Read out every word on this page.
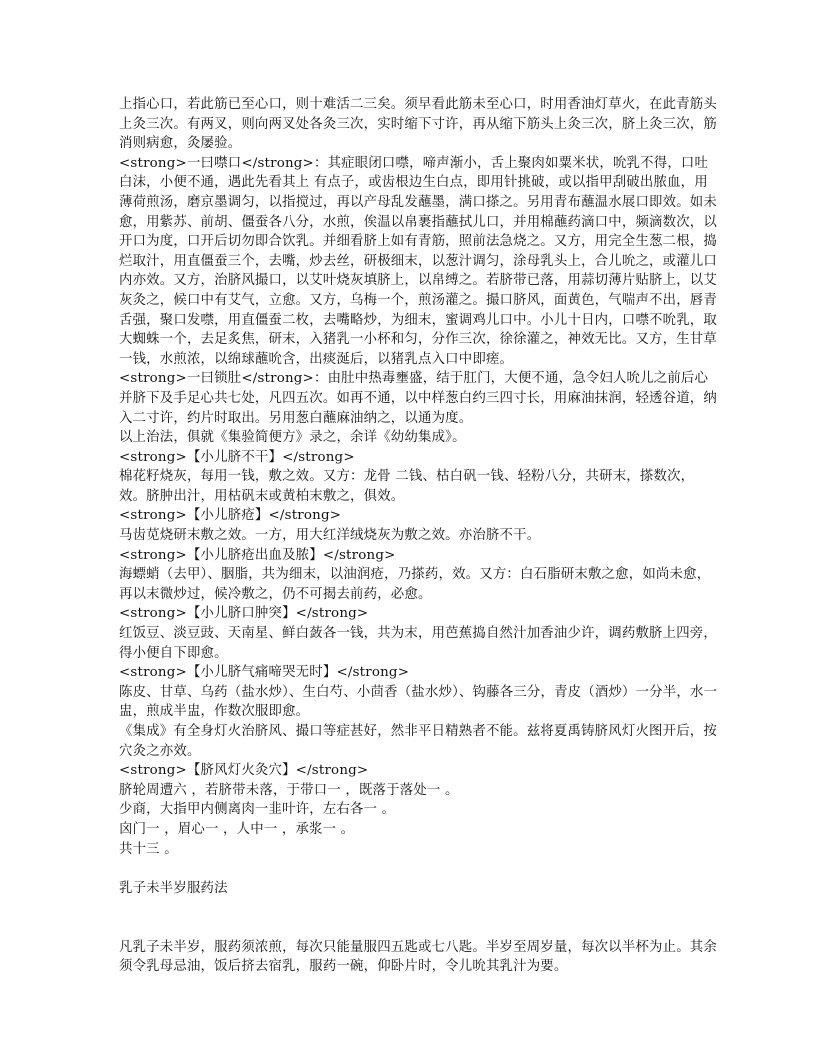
上指心口，若此筋已至心口，则十难活二三矣。须早看此筋未至心口，时用香油灯草火，在此青筋头上灸三次。有两叉，则向两叉处各灸三次，实时缩下寸许，再从缩下筋头上灸三次，脐上灸三次，筋消则病愈，灸屡验。

<strong>一曰噤口</strong>：其症眼闭口噤，啼声渐小，舌上聚肉如粟米状，吮乳不得，口吐白沫，小便不通，遇此先看其上 有点子，或齿根边生白点，即用针挑破，或以指甲刮破出脓血，用薄荷煎汤，磨京墨调匀，以指搅过，再以产母乱发蘸墨，满口搽之。另用青布蘸温水展口即效。如未愈，用紫苏、前胡、僵蚕各八分，水煎，俟温以帛裹指蘸拭儿口，并用棉蘸药滴口中，频滴数次，以开口为度，口开后切勿即合饮乳。并细看脐上如有青筋，照前法急烧之。又方，用完全生葱二根，捣烂取汁，用直僵蚕三个，去嘴，炒去丝，研极细末，以葱汁调匀，涂母乳头上，合儿吮之，或灌儿口内亦效。又方，治脐风撮口，以艾叶烧灰填脐上，以帛缚之。若脐带已落，用蒜切薄片贴脐上，以艾灰灸之，候口中有艾气，立愈。又方，乌梅一个，煎汤灌之。撮口脐风，面黄色，气喘声不出，唇青舌强，聚口发噤，用直僵蚕二枚，去嘴略炒，为细末，蜜调鸡儿口中。小儿十日内，口噤不吮乳，取大蜘蛛一个，去足炙焦，研末，入猪乳一小杯和匀，分作三次，徐徐灌之，神效无比。又方，生甘草一钱，水煎浓，以绵球蘸吮含，出痰涎后，以猪乳点入口中即瘥。

<strong>一曰锁肚</strong>：由肚中热毒壅盛，结于肛门，大便不通，急令妇人吮儿之前后心并脐下及手足心共七处，凡四五次。如再不通，以中样葱白约三四寸长，用麻油抹润，轻透谷道，纳入二寸许，约片时取出。另用葱白蘸麻油纳之，以通为度。

以上治法，俱就《集验简便方》录之，余详《幼幼集成》。

<strong>【小儿脐不干】</strong>

棉花籽烧灰，每用一钱，敷之效。又方：龙骨 二钱、枯白矾一钱、轻粉八分，共研末，搽数次，效。脐肿出汁，用枯矾末或黄柏末敷之，俱效。

<strong>【小儿脐疮】</strong>

马齿苋烧研末敷之效。一方，用大红洋绒烧灰为敷之效。亦治脐不干。

<strong>【小儿脐疮出血及脓】</strong>

海螵蛸（去甲）、胭脂，共为细末，以油润疮，乃搽药，效。又方：白石脂研末敷之愈，如尚未愈，再以末微炒过，候冷敷之，仍不可揭去前药，必愈。

<strong>【小儿脐口肿突】</strong>

红饭豆、淡豆豉、天南星、鲜白蔹各一钱，共为末，用芭蕉捣自然汁加香油少许，调药敷脐上四旁，得小便自下即愈。

<strong>【小儿脐气痛啼哭无时】</strong>

陈皮、甘草、乌药（盐水炒）、生白芍、小茴香（盐水炒）、钩藤各三分，青皮（酒炒）一分半，水一盅，煎成半盅，作数次服即愈。

《集成》有全身灯火治脐风、撮口等症甚好，然非平日精熟者不能。兹将夏禹铸脐风灯火图开后，按穴灸之亦效。

<strong>【脐风灯火灸穴】</strong>

脐轮周遭六 ，若脐带未落，于带口一 ，既落于落处一 。

少商，大指甲内侧离肉一韭叶许，左右各一 。

囟门一 ，眉心一 ，人中一 ，承浆一 。

共十三 。

乳子未半岁服药法

凡乳子未半岁，服药须浓煎，每次只能量服四五匙或七八匙。半岁至周岁量，每次以半杯为止。其余须令乳母忌油，饭后挤去宿乳，服药一碗，仰卧片时，令儿吮其乳汁为要。
